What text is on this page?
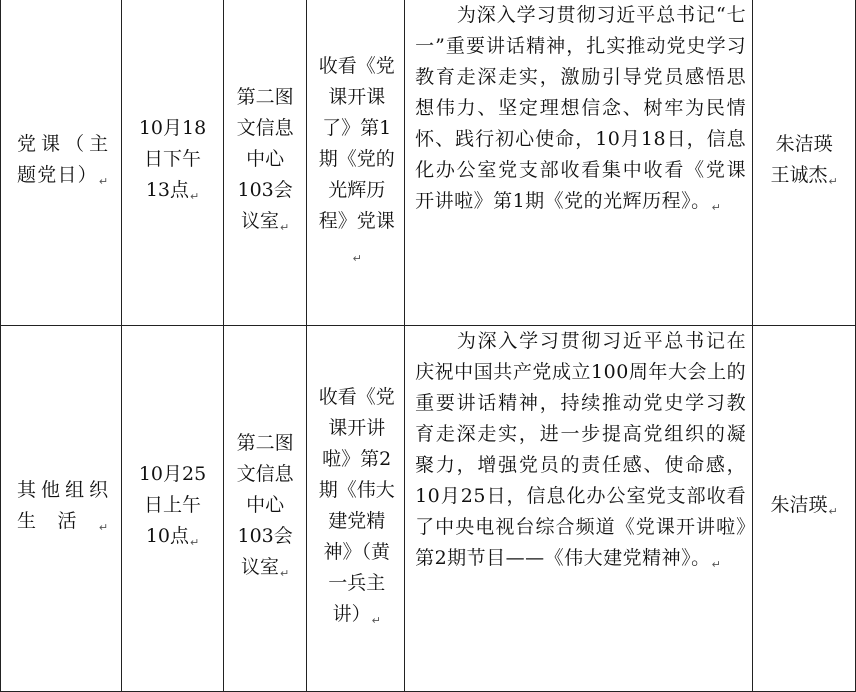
党课（主题党日）$_↵$	10月18日下午13点$_↵$	第二图文信息中心103会议室$_↵$	收看《党课开课了》第1期《党的光辉历程》党课$_↵$	为深入学习贯彻习近平总书记“七一”重要讲话精神，扎实推动党史学习教育走深走实，激励引导党员感悟思想伟力、坚定理想信念、树牢为民情怀、践行初心使命，10月18日，信息化办公室党支部收看集中收看《党课开讲啦》第1期《党的光辉历程》。$_↵$	朱洁瑛
王诚杰$_↵$

其他组织生活$_↵$	10月25日上午10点$_↵$	第二图文信息中心103会议室$_↵$	收看《党课开讲啦》第2期《伟大建党精神》（黄一兵主讲）$_↵$	为深入学习贯彻习近平总书记在庆祝中国共产党成立100周年大会上的重要讲话精神，持续推动党史学习教育走深走实，进一步提高党组织的凝聚力，增强党员的责任感、使命感，10月25日，信息化办公室党支部收看了中央电视台综合频道《党课开讲啦》第2期节目——《伟大建党精神》。$_↵$	朱洁瑛$_↵$
